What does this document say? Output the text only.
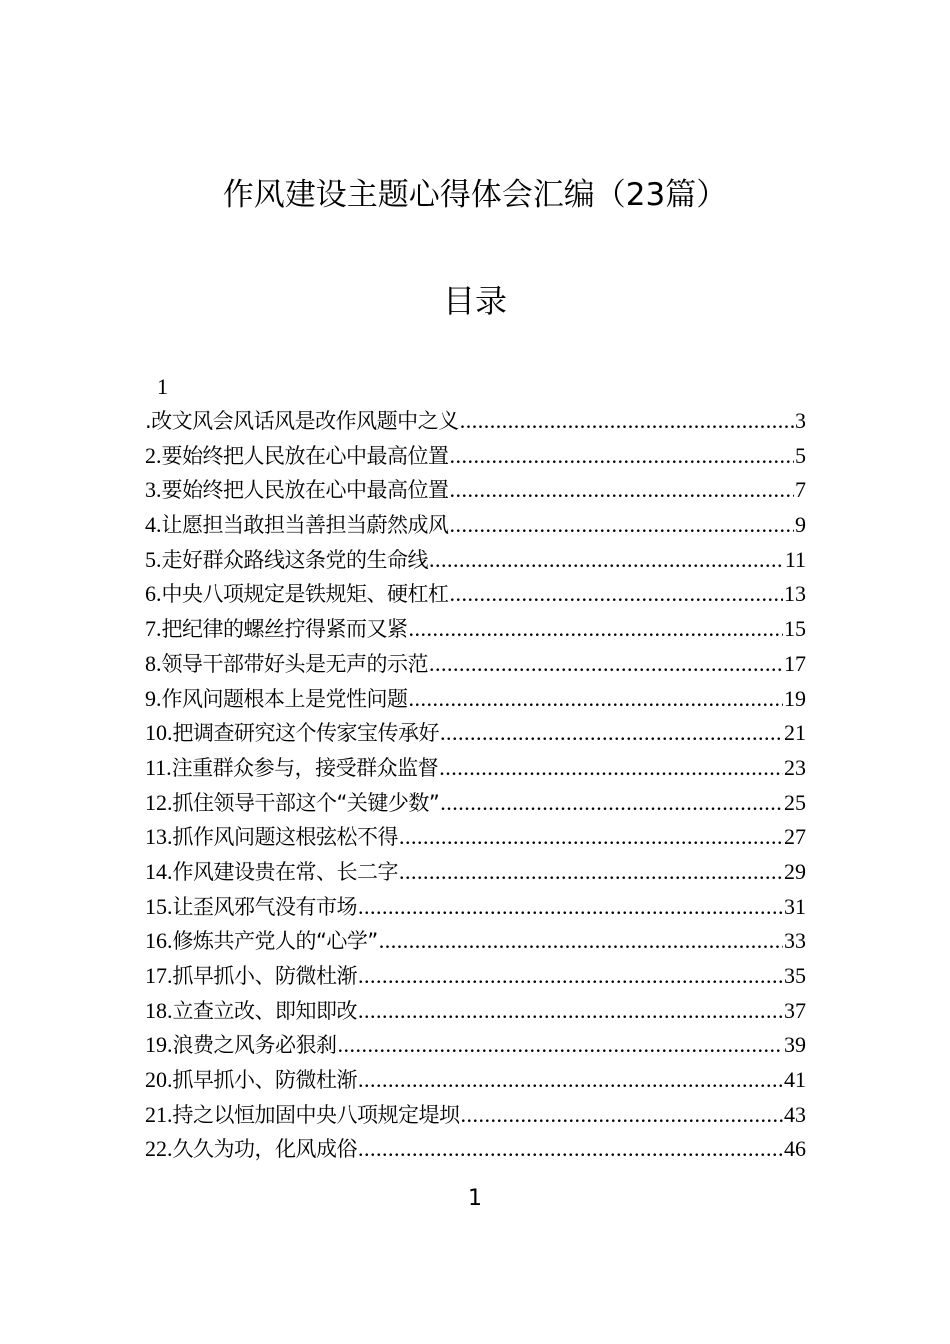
作风建设主题心得体会汇编（23篇）
目录
1
.改文风会风话风是改作风题中之义 .....	3
2.要始终把人民放在心中最高位置 .....	5
3.要始终把人民放在心中最高位置 .....	7
4.让愿担当敢担当善担当蔚然成风 .....	9
5.走好群众路线这条党的生命线 .....	11
6.中央八项规定是铁规矩、硬杠杠 .....	13
7.把纪律的螺丝拧得紧而又紧 .....	15
8.领导干部带好头是无声的示范 .....	17
9.作风问题根本上是党性问题 .....	19
10.把调查研究这个传家宝传承好 .....	21
11.注重群众参与，接受群众监督 .....	23
12.抓住领导干部这个“关键少数” .....	25
13.抓作风问题这根弦松不得 .....	27
14.作风建设贵在常、长二字 .....	29
15.让歪风邪气没有市场 .....	31
16.修炼共产党人的“心学” .....	33
17.抓早抓小、防微杜渐 .....	35
18.立查立改、即知即改 .....	37
19.浪费之风务必狠刹 .....	39
20.抓早抓小、防微杜渐 .....	41
21.持之以恒加固中央八项规定堤坝 .....	43
22.久久为功，化风成俗 .....	46
1
